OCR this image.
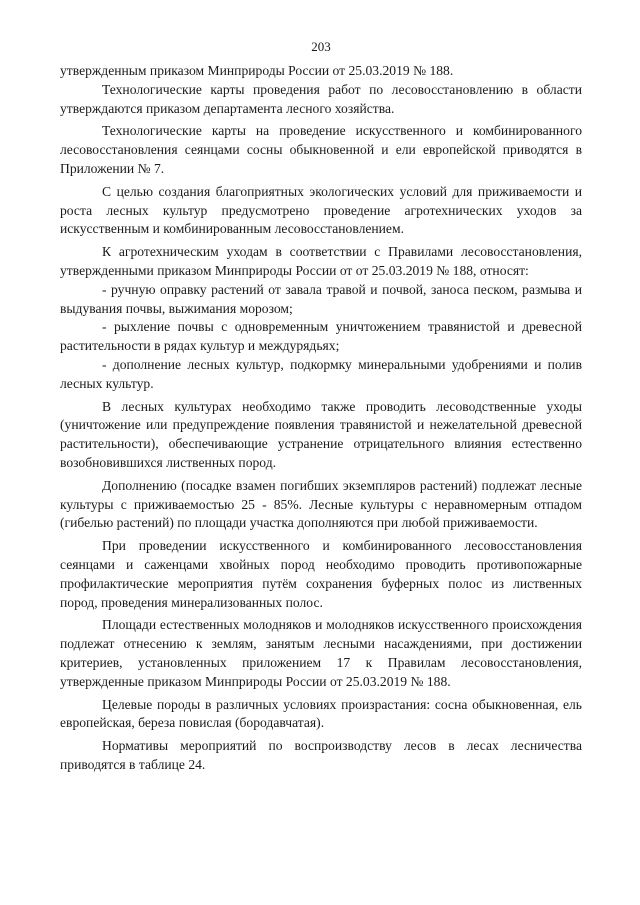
203

утвержденным приказом Минприроды России от 25.03.2019 № 188.

Технологические карты проведения работ по лесовосстановлению в области утверждаются приказом департамента лесного хозяйства.

Технологические карты на проведение искусственного и комбинированного лесовосстановления сеянцами сосны обыкновенной и ели европейской приводятся в Приложении № 7.

С целью создания благоприятных экологических условий для приживаемости и роста лесных культур предусмотрено проведение агротехнических уходов за искусственным и комбинированным лесовосстановлением.

К агротехническим уходам в соответствии с Правилами лесовосстановления, утвержденными приказом Минприроды России от от 25.03.2019 № 188, относят:

- ручную оправку растений от завала травой и почвой, заноса песком, размыва и выдувания почвы, выжимания морозом;

- рыхление почвы с одновременным уничтожением травянистой и древесной растительности в рядах культур и междурядьях;

- дополнение лесных культур, подкормку минеральными удобрениями и полив лесных культур.

В лесных культурах необходимо также проводить лесоводственные уходы (уничтожение или предупреждение появления травянистой и нежелательной древесной растительности), обеспечивающие устранение отрицательного влияния естественно возобновившихся лиственных пород.

Дополнению (посадке взамен погибших экземпляров растений) подлежат лесные культуры с приживаемостью 25 - 85%. Лесные культуры с неравномерным отпадом (гибелью растений) по площади участка дополняются при любой приживаемости.

При проведении искусственного и комбинированного лесовосстановления сеянцами и саженцами хвойных пород необходимо проводить противопожарные профилактические мероприятия путём сохранения буферных полос из лиственных пород, проведения минерализованных полос.

Площади естественных молодняков и молодняков искусственного происхождения подлежат отнесению к землям, занятым лесными насаждениями, при достижении критериев, установленных приложением 17 к Правилам лесовосстановления, утвержденные приказом Минприроды России от 25.03.2019 № 188.

Целевые породы в различных условиях произрастания: сосна обыкновенная, ель европейская, береза повислая (бородавчатая).

Нормативы мероприятий по воспроизводству лесов в лесах лесничества приводятся в таблице 24.
